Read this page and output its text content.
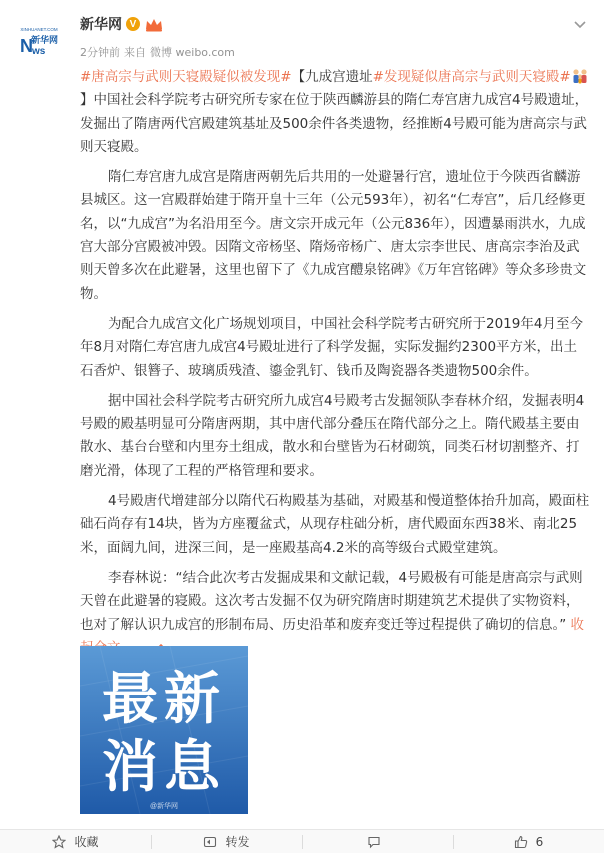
XINHUANET.COM
N
新华网
ws
新华网 V
2分钟前 来自 微博 weibo.com

#唐高宗与武则天寝殿疑似被发现#【九成宫遗址#发现疑似唐高宗与武则天寝殿#】中国社会科学院考古研究所专家在位于陕西麟游县的隋仁寿宫唐九成宫4号殿遗址，发掘出了隋唐两代宫殿建筑基址及500余件各类遗物，经推断4号殿可能为唐高宗与武则天寝殿。

隋仁寿宫唐九成宫是隋唐两朝先后共用的一处避暑行宫，遗址位于今陕西省麟游县城区。这一宫殿群始建于隋开皇十三年（公元593年），初名“仁寿宫”，后几经修更名，以“九成宫”为名沿用至今。唐文宗开成元年（公元836年），因遭暴雨洪水，九成宫大部分宫殿被冲毁。因隋文帝杨坚、隋炀帝杨广、唐太宗李世民、唐高宗李治及武则天曾多次在此避暑，这里也留下了《九成宫醴泉铭碑》《万年宫铭碑》等众多珍贵文物。

为配合九成宫文化广场规划项目，中国社会科学院考古研究所于2019年4月至今年8月对隋仁寿宫唐九成宫4号殿址进行了科学发掘，实际发掘约2300平方米，出土石香炉、银簪子、玻璃质残渣、鎏金乳钉、钱币及陶瓷器各类遗物500余件。

据中国社会科学院考古研究所九成宫4号殿考古发掘领队李春林介绍，发掘表明4号殿的殿基明显可分隋唐两期，其中唐代部分叠压在隋代部分之上。隋代殿基主要由散水、基台台壁和内里夯土组成，散水和台壁皆为石材砌筑，同类石材切割整齐、打磨光滑，体现了工程的严格管理和要求。

4号殿唐代增建部分以隋代石构殿基为基础，对殿基和慢道整体抬升加高，殿面柱础石尚存有14块，皆为方座覆盆式，从现存柱础分析，唐代殿面东西38米、南北25米，面阔九间，进深三间，是一座殿基高4.2米的高等级台式殿堂建筑。

李春林说：“结合此次考古发掘成果和文献记载，4号殿极有可能是唐高宗与武则天曾在此避暑的寝殿。这次考古发掘不仅为研究隋唐时期建筑艺术提供了实物资料，也对了解认识九成宫的形制布局、历史沿革和废弃变迁等过程提供了确切的信息。” 收

最新
消息
@新华网
收藏	转发	6
